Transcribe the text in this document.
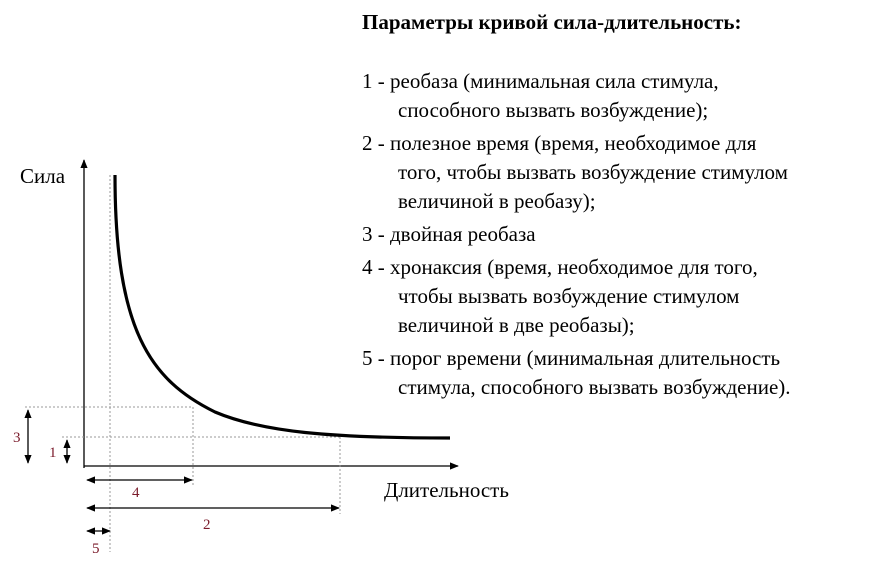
Сила
Длительность
3
1
4
2
5
Параметры кривой сила-длительность:
1 - реобаза (минимальная сила стимула,
способного вызвать возбуждение);
2 - полезное время (время, необходимое для
того, чтобы вызвать возбуждение стимулом
величиной в реобазу);
3 - двойная реобаза
4 - хронаксия (время, необходимое для того,
чтобы вызвать возбуждение стимулом
величиной в две реобазы);
5 - порог времени (минимальная длительность
стимула, способного вызвать возбуждение).
